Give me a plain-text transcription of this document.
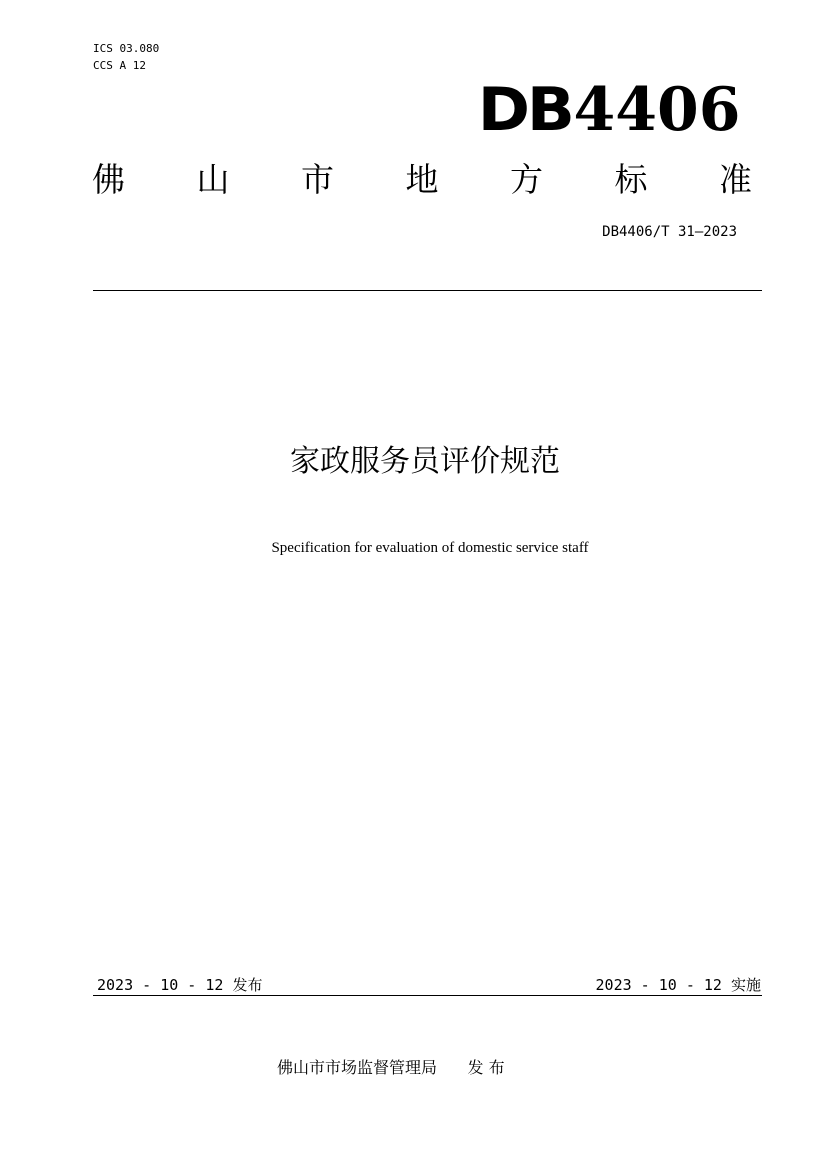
ICS 03.080
CCS A 12
DB 4406
佛 山 市 地 方 标 准
DB4406/T 31—2023
家政服务员评价规范
Specification for evaluation of domestic service staff
2023 - 10 - 12 发布	2023 - 10 - 12 实施
佛山市市场监督管理局 发 布
